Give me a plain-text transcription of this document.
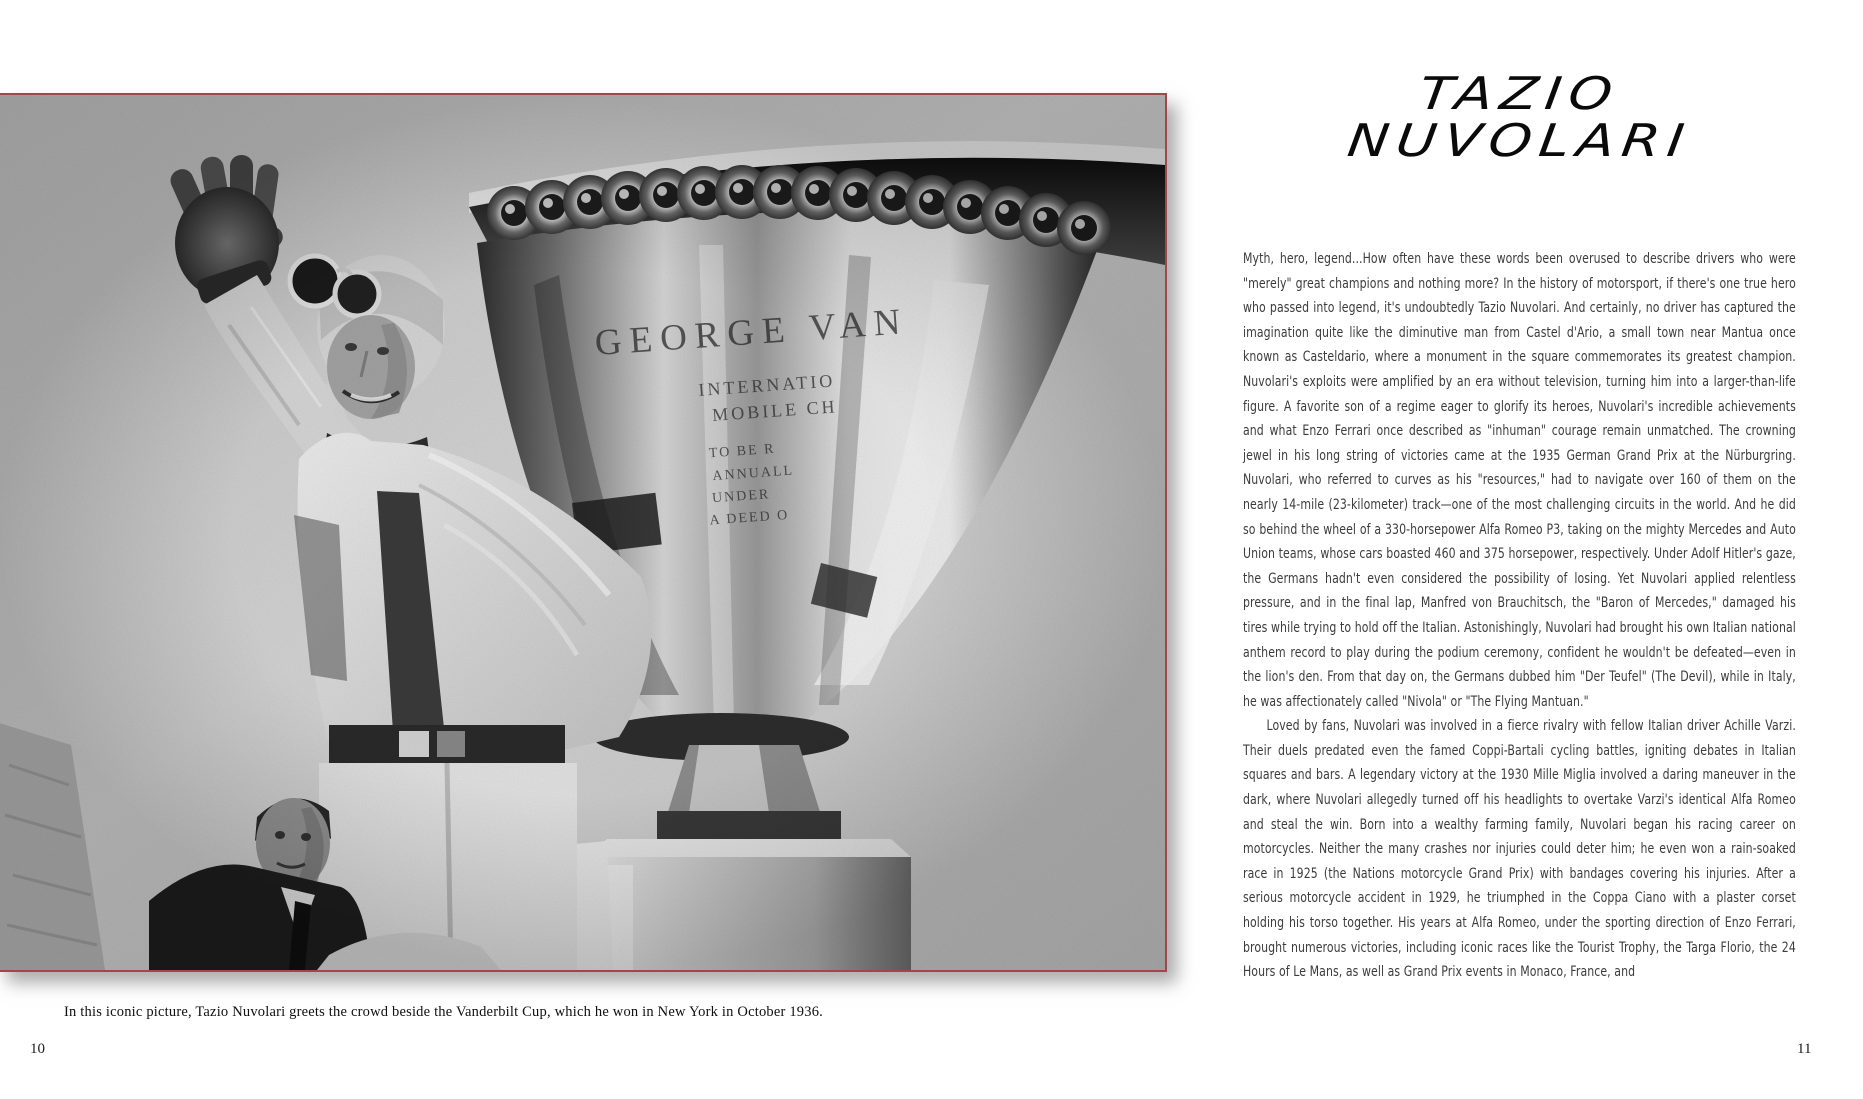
In this iconic picture, Tazio Nuvolari greets the crowd beside the Vanderbilt Cup, which he won in New York in October 1936.
10	11
TAZIO
NUVOLARI

Myth, hero, legend...How often have these words been overused to describe drivers who were "merely" great champions and nothing more? In the history of motorsport, if there's one true hero who passed into legend, it's undoubtedly Tazio Nuvolari. And certainly, no driver has captured the imagination quite like the diminutive man from Castel d'Ario, a small town near Mantua once known as Casteldario, where a monument in the square commemorates its greatest champion. Nuvolari's exploits were amplified by an era without television, turning him into a larger-than-life figure. A favorite son of a regime eager to glorify its heroes, Nuvolari's incredible achievements and what Enzo Ferrari once described as "inhuman" courage remain unmatched. The crowning jewel in his long string of victories came at the 1935 German Grand Prix at the Nürburgring. Nuvolari, who referred to curves as his "resources," had to navigate over 160 of them on the nearly 14-mile (23-kilometer) track—one of the most challenging circuits in the world. And he did so behind the wheel of a 330-horsepower Alfa Romeo P3, taking on the mighty Mercedes and Auto Union teams, whose cars boasted 460 and 375 horsepower, respectively. Under Adolf Hitler's gaze, the Germans hadn't even considered the possibility of losing. Yet Nuvolari applied relentless pressure, and in the final lap, Manfred von Brauchitsch, the "Baron of Mercedes," damaged his tires while trying to hold off the Italian. Astonishingly, Nuvolari had brought his own Italian national anthem record to play during the podium ceremony, confident he wouldn't be defeated—even in the lion's den. From that day on, the Germans dubbed him "Der Teufel" (The Devil), while in Italy, he was affectionately called "Nivola" or "The Flying Mantuan."

Loved by fans, Nuvolari was involved in a fierce rivalry with fellow Italian driver Achille Varzi. Their duels predated even the famed Coppi-Bartali cycling battles, igniting debates in Italian squares and bars. A legendary victory at the 1930 Mille Miglia involved a daring maneuver in the dark, where Nuvolari allegedly turned off his headlights to overtake Varzi's identical Alfa Romeo and steal the win. Born into a wealthy farming family, Nuvolari began his racing career on motorcycles. Neither the many crashes nor injuries could deter him; he even won a rain-soaked race in 1925 (the Nations motorcycle Grand Prix) with bandages covering his injuries. After a serious motorcycle accident in 1929, he triumphed in the Coppa Ciano with a plaster corset holding his torso together. His years at Alfa Romeo, under the sporting direction of Enzo Ferrari, brought numerous victories, including iconic races like the Tourist Trophy, the Targa Florio, the 24 Hours of Le Mans, as well as Grand Prix events in Monaco, France, and
